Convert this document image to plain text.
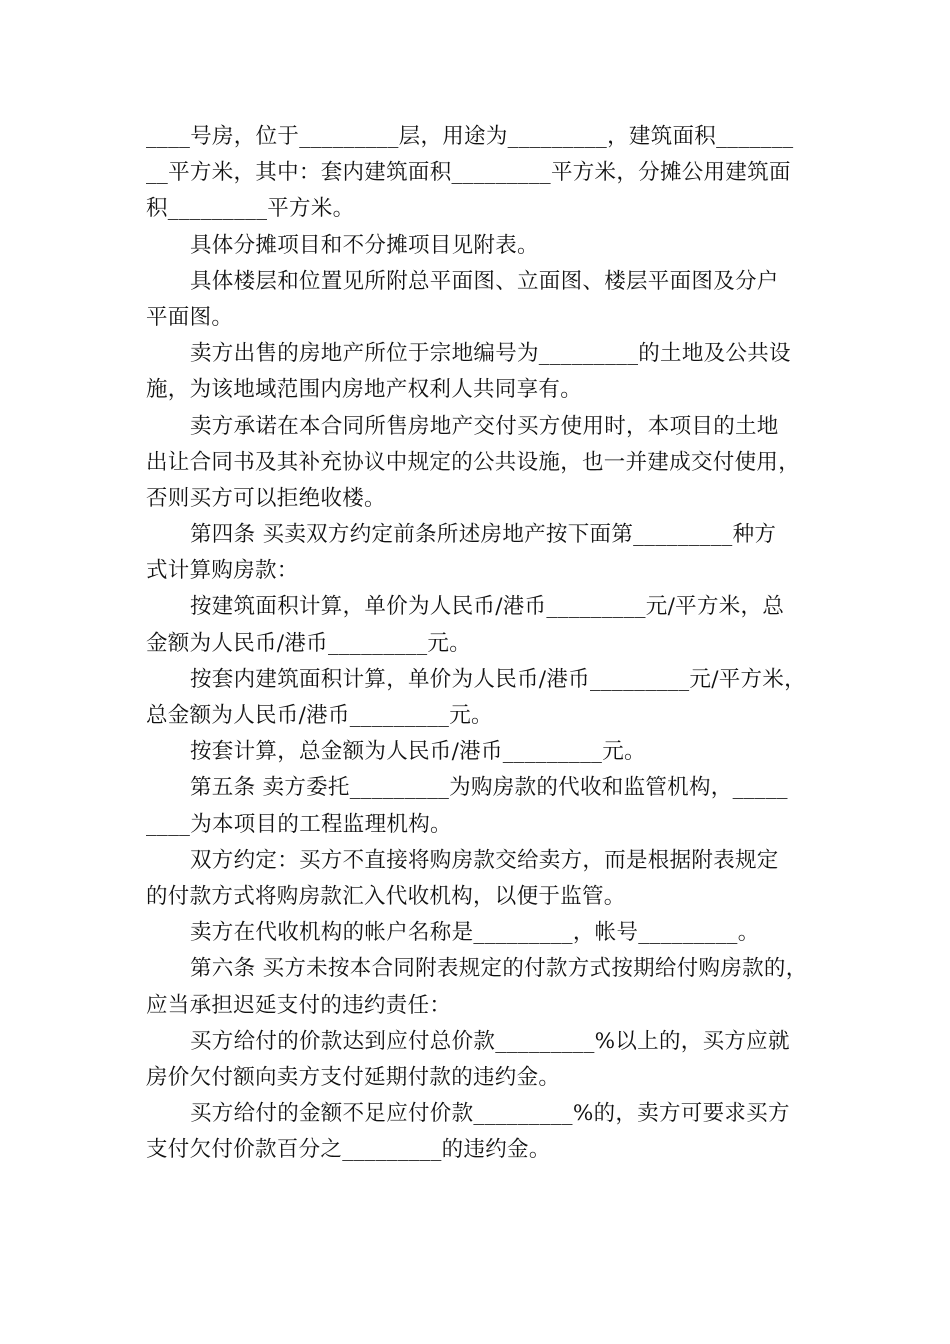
____号房，位于_________层，用途为_________，建筑面积_______
__平方米，其中：套内建筑面积_________平方米，分摊公用建筑面
积_________平方米。
具体分摊项目和不分摊项目见附表。
具体楼层和位置见所附总平面图、立面图、楼层平面图及分户
平面图。
卖方出售的房地产所位于宗地编号为_________的土地及公共设
施，为该地域范围内房地产权利人共同享有。
卖方承诺在本合同所售房地产交付买方使用时，本项目的土地
出让合同书及其补充协议中规定的公共设施，也一并建成交付使用，
否则买方可以拒绝收楼。
第四条 买卖双方约定前条所述房地产按下面第_________种方
式计算购房款：
按建筑面积计算，单价为人民币/港币_________元/平方米，总
金额为人民币/港币_________元。
按套内建筑面积计算，单价为人民币/港币_________元/平方米，
总金额为人民币/港币_________元。
按套计算，总金额为人民币/港币_________元。
第五条 卖方委托_________为购房款的代收和监管机构，_____
____为本项目的工程监理机构。
双方约定：买方不直接将购房款交给卖方，而是根据附表规定
的付款方式将购房款汇入代收机构，以便于监管。
卖方在代收机构的帐户名称是_________，帐号_________。
第六条 买方未按本合同附表规定的付款方式按期给付购房款的，
应当承担迟延支付的违约责任：
买方给付的价款达到应付总价款_________%以上的，买方应就
房价欠付额向卖方支付延期付款的违约金。
买方给付的金额不足应付价款_________%的，卖方可要求买方
支付欠付价款百分之_________的违约金。
